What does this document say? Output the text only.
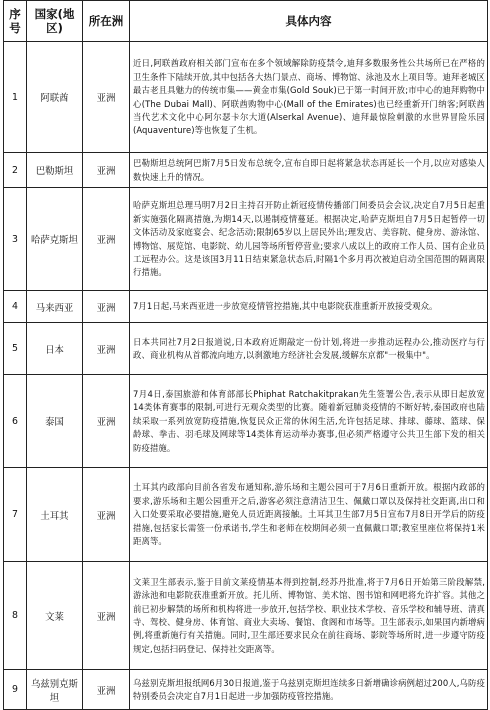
序号	国家(地区)	所在洲	具体内容
1	阿联酋	亚洲	近日,阿联酋政府相关部门宣布在多个领域解除防疫禁令,迪拜多数服务性公共场所已在严格的卫生条件下陆续开放,其中包括各大热门景点、商场、博物馆、泳池及水上项目等。迪拜老城区最古老且具魅力的传统市集——黄金市集(Gold Souk)已于第一时间开放;市中心的迪拜购物中心(The Dubai Mall)、阿联酋购物中心(Mall of the Emirates)也已经重新开门纳客;阿联酋当代艺术文化中心阿尔瑟卡尔大道(Alserkal Avenue)、迪拜最惊险刺激的水世界冒险乐园(Aquaventure)等也恢复了生机。
2	巴勒斯坦	亚洲	巴勒斯坦总统阿巴斯7月5日发布总统令,宣布自即日起将紧急状态再延长一个月,以应对感染人数快速上升的情况。
3	哈萨克斯坦	亚洲	哈萨克斯坦总理马明7月2日主持召开防止新冠疫情传播部门间委员会会议,决定自7月5日起重新实施强化隔离措施,为期14天,以遏制疫情蔓延。根据决定,哈萨克斯坦自7月5日起暂停一切文体活动及家庭宴会、纪念活动;限制65岁以上居民外出;理发店、美容院、健身房、游泳馆、博物馆、展览馆、电影院、幼儿园等场所暂停营业;要求八成以上的政府工作人员、国有企业员工远程办公。这是该国3月11日结束紧急状态后,时隔1个多月再次被迫启动全国范围的隔离限行措施。
4	马来西亚	亚洲	7月1日起,马来西亚进一步放宽疫情管控措施,其中电影院获准重新开放接受观众。
5	日本	亚洲	日本共同社7月2日报道说,日本政府近期敲定一份计划,将进一步推动远程办公,推动医疗与行政、商业机构从首都流向地方,以刹激地方经济社会发展,缓解东京都"一极集中"。
6	泰国	亚洲	7月4日,泰国旅游和体育部部长Phiphat Ratchakitprakan先生签署公告,表示从即日起放宽14类体育赛事的限制,可进行无观众类型的比赛。随着新冠肺炎疫情的不断好转,泰国政府也陆续采取一系列放宽防疫措施,恢复民众正常的休闲生活,允许包括足球、排球、藤球、篮球、保龄球、拳击、羽毛球及网球等14类体育运动举办赛事,但必须严格遵守公共卫生部下发的相关防疫措施。
7	土耳其	亚洲	土耳其内政部向目前各省发布通知称,游乐场和主题公园可于7月6日重新开放。根据内政部的要求,游乐场和主题公园重开之后,游客必须注意清洁卫生、佩戴口罩以及保持社交距离,出口和入口处要采取必要措施,避免人员近距离接触。土耳其卫生部7月5日宣布7月8日开学后的防疫措施,包括家长需签一份承诺书,学生和老师在校期间必须一直佩戴口罩;教室里座位将保持1米距离等。
8	文莱	亚洲	文莱卫生部表示,鉴于目前文莱疫情基本得到控制,经苏丹批准,将于7月6日开始第三阶段解禁,游泳池和电影院获准重新开放。托儿所、博物馆、美术馆、图书馆和网吧将允许扩容。其他之前已初步解禁的场所和机构将进一步放开,包括学校、职业技术学校、音乐学校和辅导班、清真寺、驾校、健身房、体育馆、商业大卖场、餐馆、食阁和市场等。卫生部表示,如果国内新增病例,将重新施行有关措施。同时,卫生部还要求民众在前往商场、影院等场所时,进一步遵守防疫规定,包括扫码登记、保持社交距离等。
9	乌兹别克斯坦	亚洲	乌兹别克斯坦报纸网6月30日报道,鉴于乌兹别克斯坦连续多日新增确诊病例超过200人,乌防疫特别委员会决定自7月1日起进一步加强防疫管控措施。
